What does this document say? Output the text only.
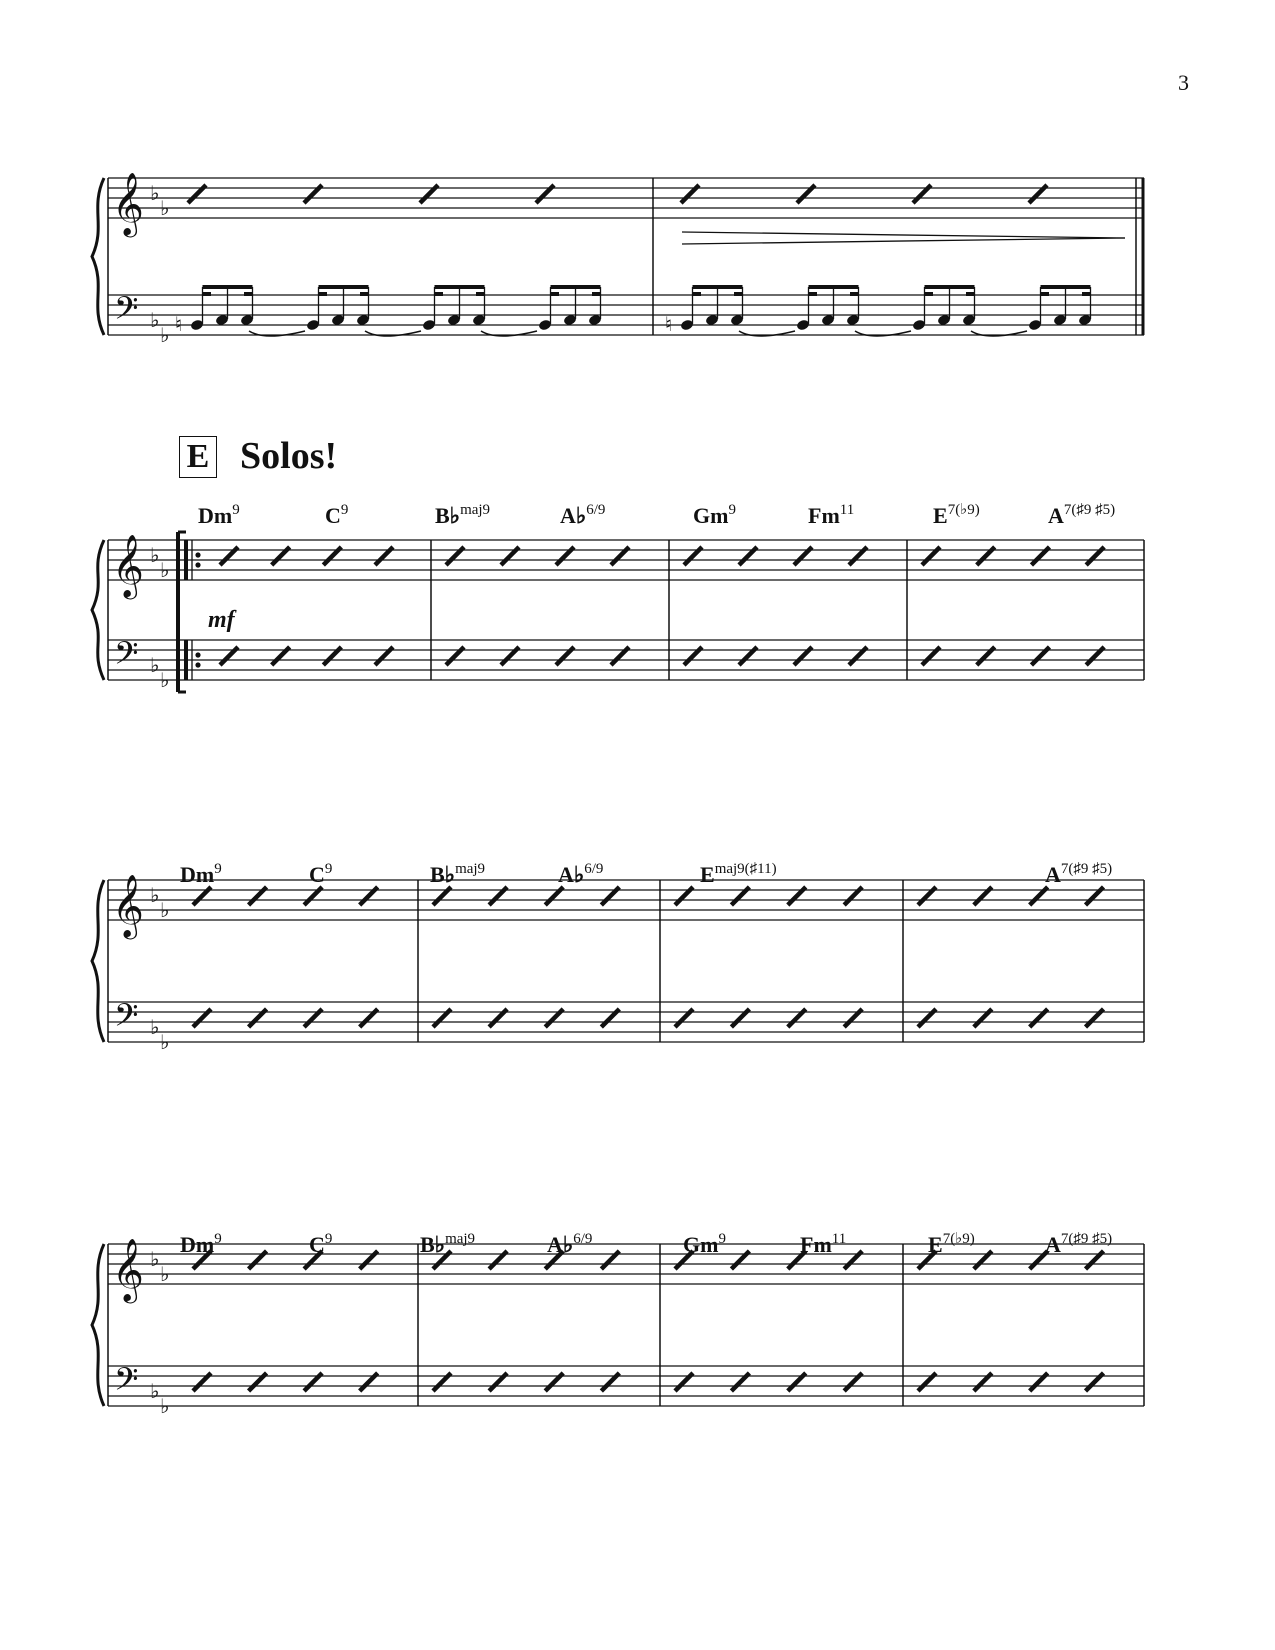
𝄞
𝄢
♭
♭
♭
♭ ♮	♮
𝄞
𝄢
♭
♭
♭
♭
𝄞
𝄢
♭
♭
♭
♭
𝄞
𝄢
♭
♭
♭
♭
3
E Solos!
mf
Dm$^9$	$C^9$	B♭$^{maj9}$	A♭$^{6/9}$	Gm$^9$	Fm$^{11}$	$E^{7(♭9)}$	$A^{7(♯9 ♯5)}$
Dm$^9$	$C^9$	B♭$^{maj9}$	A♭$^{6/9}$	$E^{maj9(♯11)}$	$A^{7(♯9 ♯5)}$
Dm$^9$	$C^9$	B♭$^{maj9}$	A♭$^{6/9}$	Gm$^9$	Fm$^{11}$	$E^{7(♭9)}$	$A^{7(♯9 ♯5)}$
